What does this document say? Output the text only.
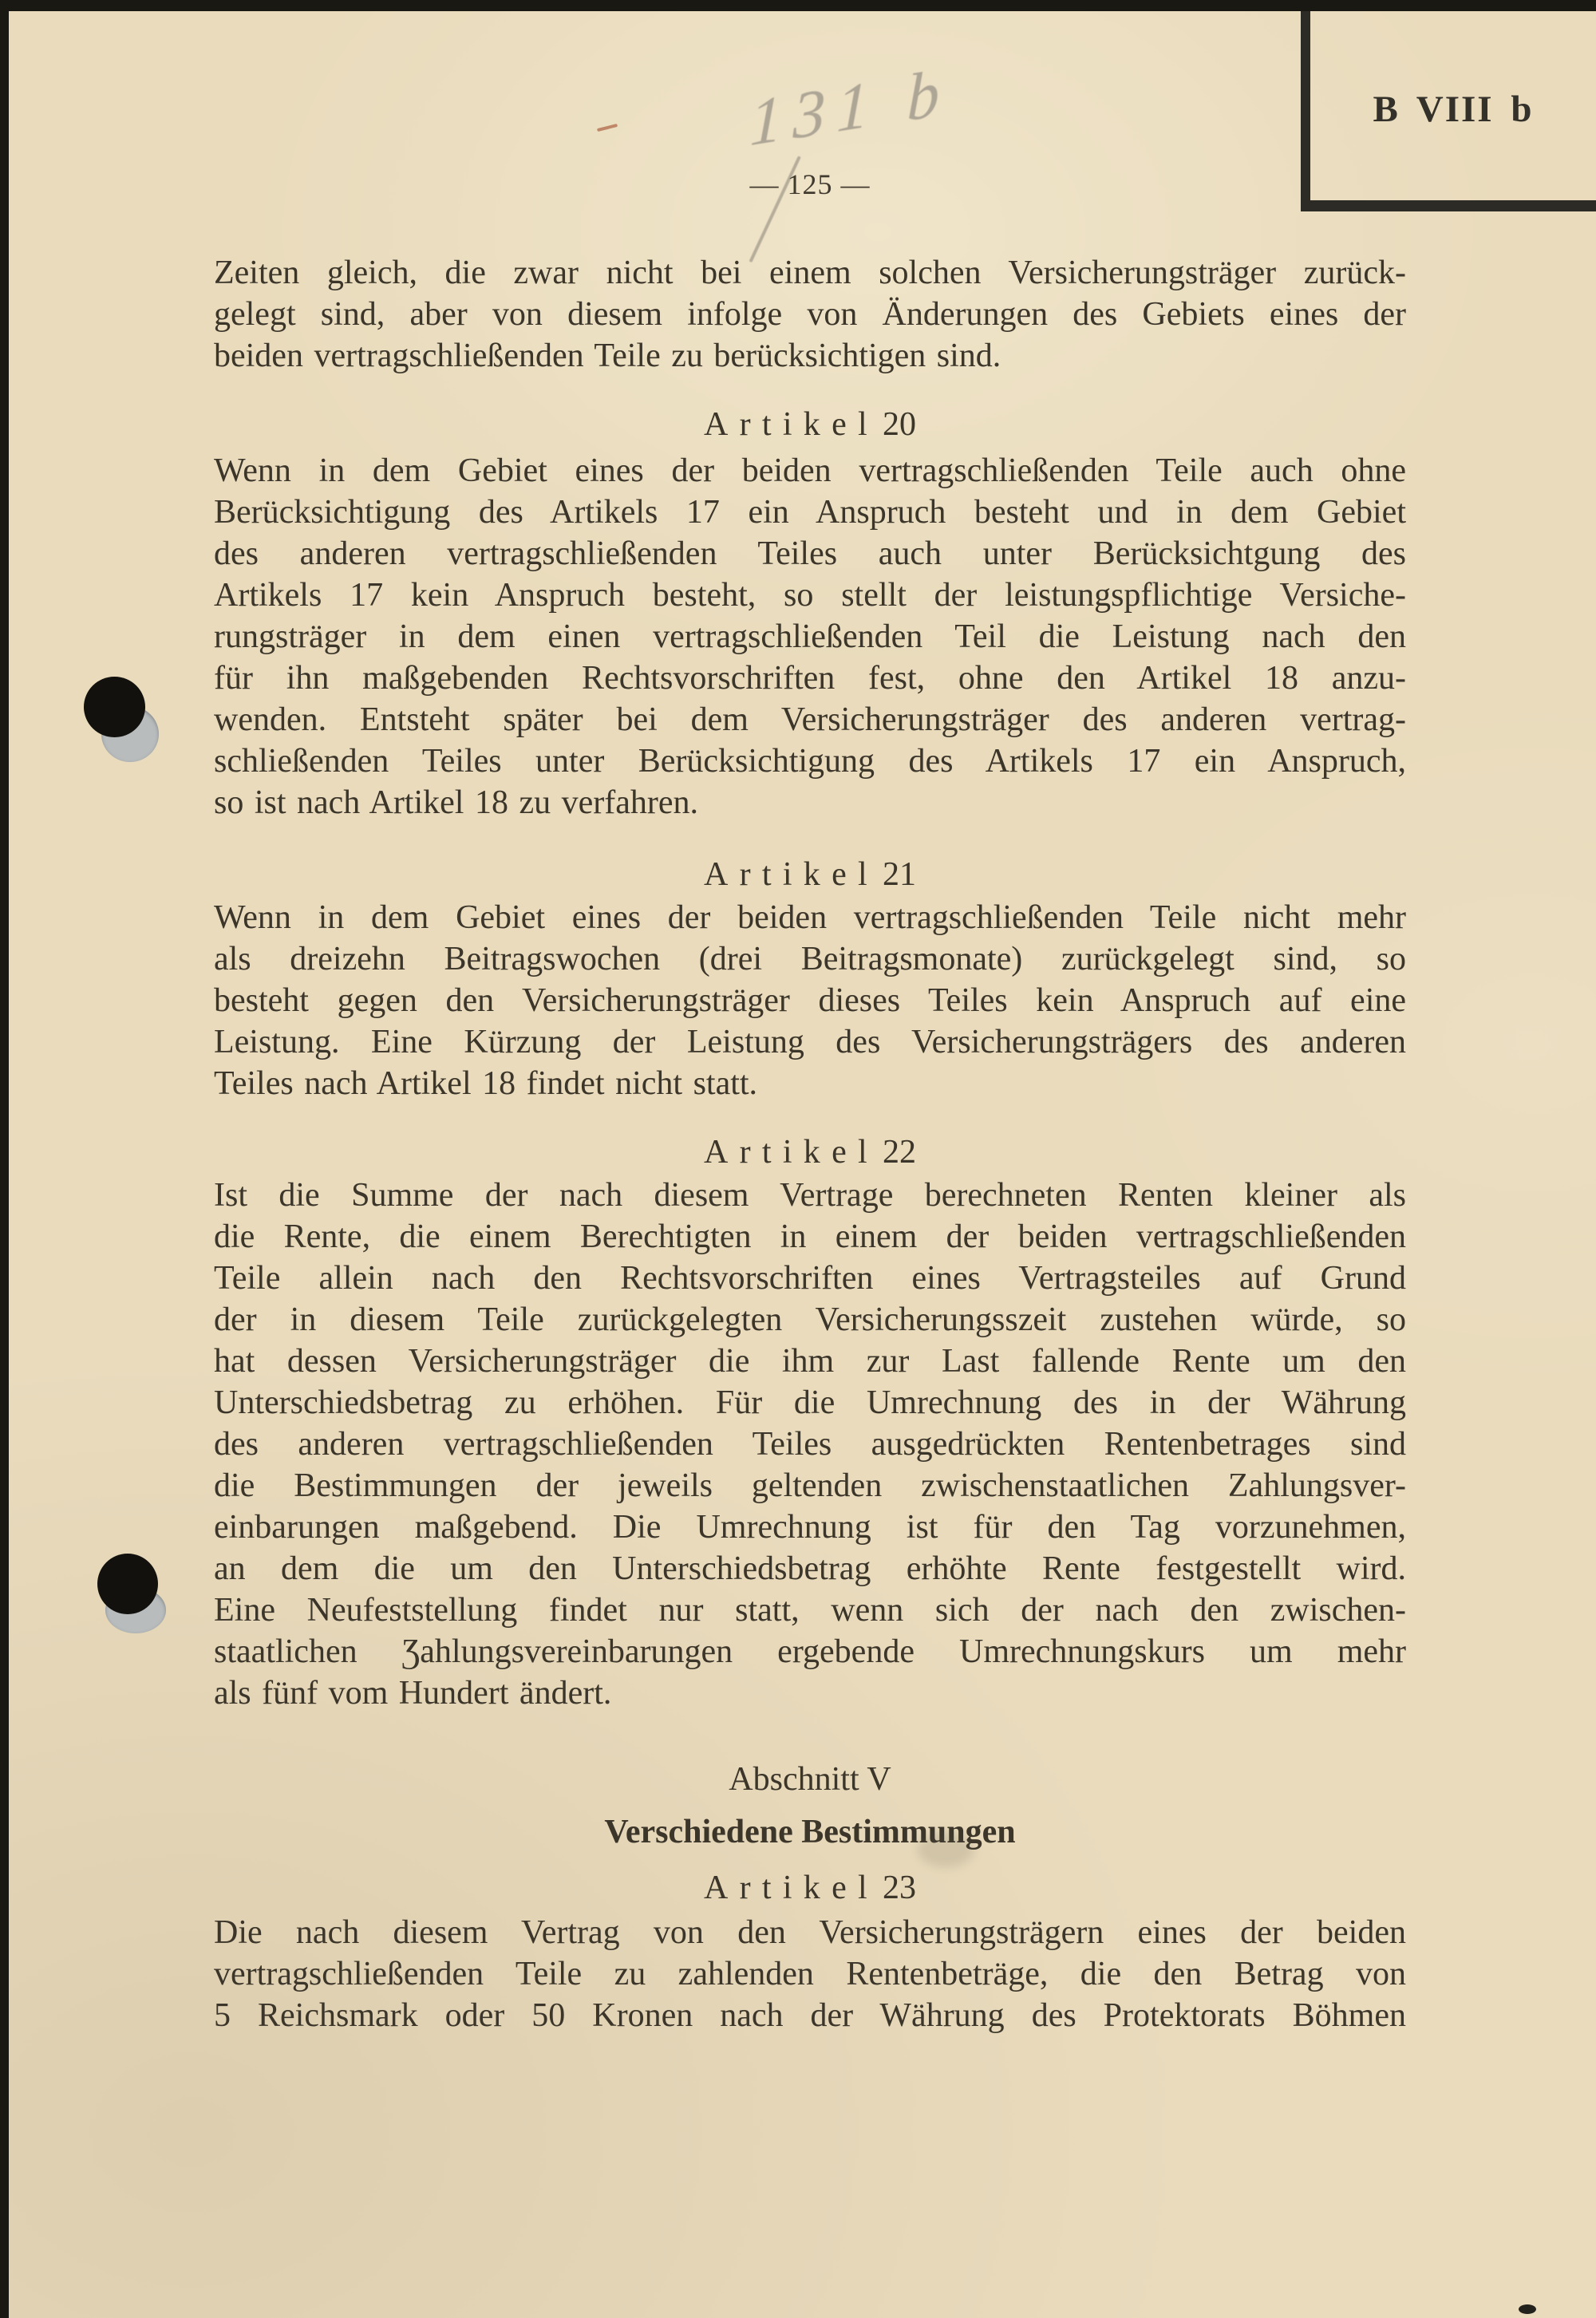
B VIII b
131 b
— 125 —
Zeiten gleich, die zwar nicht bei einem solchen Versicherungsträger zurück-
gelegt sind, aber von diesem infolge von Änderungen des Gebiets eines der
beiden vertragschließenden Teile zu berücksichtigen sind.
Artikel 20
Wenn in dem Gebiet eines der beiden vertragschließenden Teile auch ohne
Berücksichtigung des Artikels 17 ein Anspruch besteht und in dem Gebiet
des anderen vertragschließenden Teiles auch unter Berücksichtgung des
Artikels 17 kein Anspruch besteht, so stellt der leistungspflichtige Versiche-
rungsträger in dem einen vertragschließenden Teil die Leistung nach den
für ihn maßgebenden Rechtsvorschriften fest, ohne den Artikel 18 anzu-
wenden. Entsteht später bei dem Versicherungsträger des anderen vertrag-
schließenden Teiles unter Berücksichtigung des Artikels 17 ein Anspruch,
so ist nach Artikel 18 zu verfahren.
Artikel 21
Wenn in dem Gebiet eines der beiden vertragschließenden Teile nicht mehr
als dreizehn Beitragswochen (drei Beitragsmonate) zurückgelegt sind, so
besteht gegen den Versicherungsträger dieses Teiles kein Anspruch auf eine
Leistung. Eine Kürzung der Leistung des Versicherungsträgers des anderen
Teiles nach Artikel 18 findet nicht statt.
Artikel 22
Ist die Summe der nach diesem Vertrage berechneten Renten kleiner als
die Rente, die einem Berechtigten in einem der beiden vertragschließenden
Teile allein nach den Rechtsvorschriften eines Vertragsteiles auf Grund
der in diesem Teile zurückgelegten Versicherungsszeit zustehen würde, so
hat dessen Versicherungsträger die ihm zur Last fallende Rente um den
Unterschiedsbetrag zu erhöhen. Für die Umrechnung des in der Währung
des anderen vertragschließenden Teiles ausgedrückten Rentenbetrages sind
die Bestimmungen der jeweils geltenden zwischenstaatlichen Zahlungsver-
einbarungen maßgebend. Die Umrechnung ist für den Tag vorzunehmen,
an dem die um den Unterschiedsbetrag erhöhte Rente festgestellt wird.
Eine Neufeststellung findet nur statt, wenn sich der nach den zwischen-
staatlichen Ʒahlungsvereinbarungen ergebende Umrechnungskurs um mehr
als fünf vom Hundert ändert.
Abschnitt V
Verschiedene Bestimmungen
Artikel 23
Die nach diesem Vertrag von den Versicherungsträgern eines der beiden
vertragschließenden Teile zu zahlenden Rentenbeträge, die den Betrag von
5 Reichsmark oder 50 Kronen nach der Währung des Protektorats Böhmen
